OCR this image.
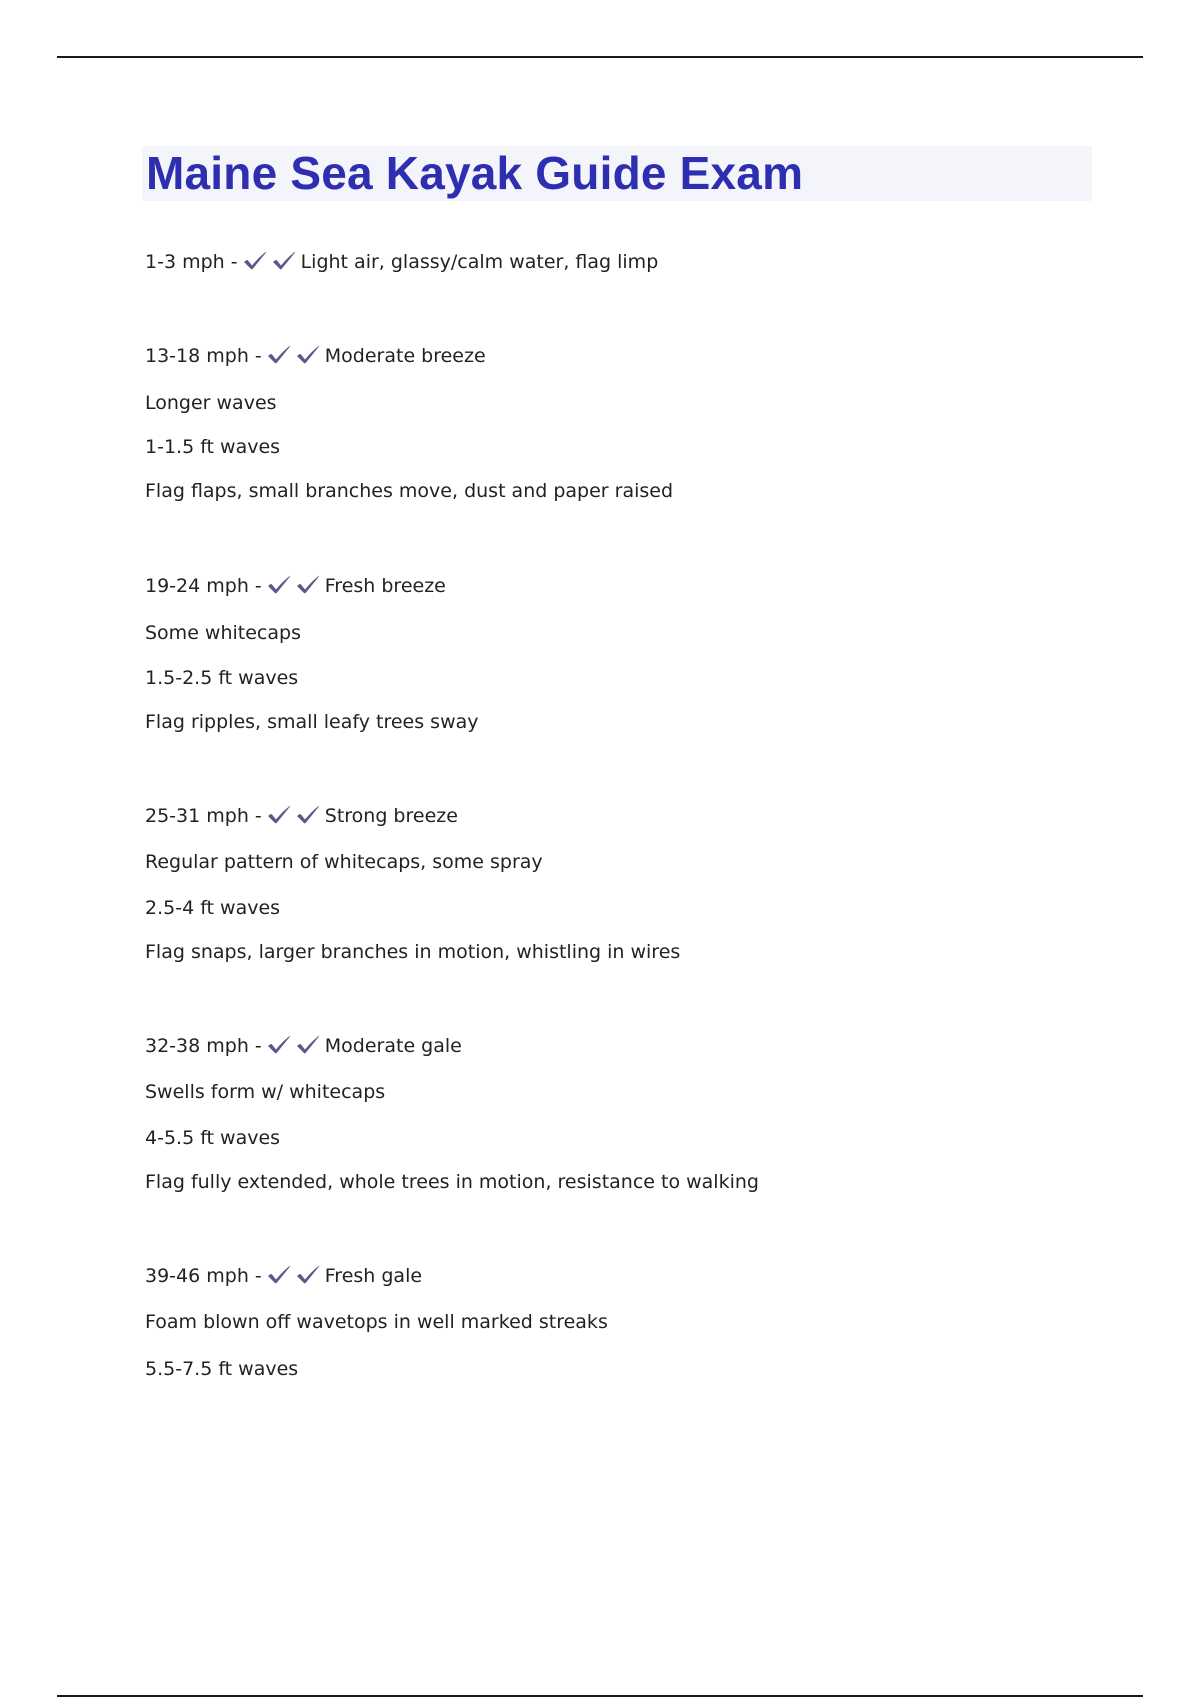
Maine Sea Kayak Guide Exam
1-3 mph -	Light air, glassy/calm water, flag limp
13-18 mph -	Moderate breeze
Longer waves
1-1.5 ft waves
Flag flaps, small branches move, dust and paper raised
19-24 mph -	Fresh breeze
Some whitecaps
1.5-2.5 ft waves
Flag ripples, small leafy trees sway
25-31 mph -	Strong breeze
Regular pattern of whitecaps, some spray
2.5-4 ft waves
Flag snaps, larger branches in motion, whistling in wires
32-38 mph -	Moderate gale
Swells form w/ whitecaps
4-5.5 ft waves
Flag fully extended, whole trees in motion, resistance to walking
39-46 mph -	Fresh gale
Foam blown off wavetops in well marked streaks
5.5-7.5 ft waves
